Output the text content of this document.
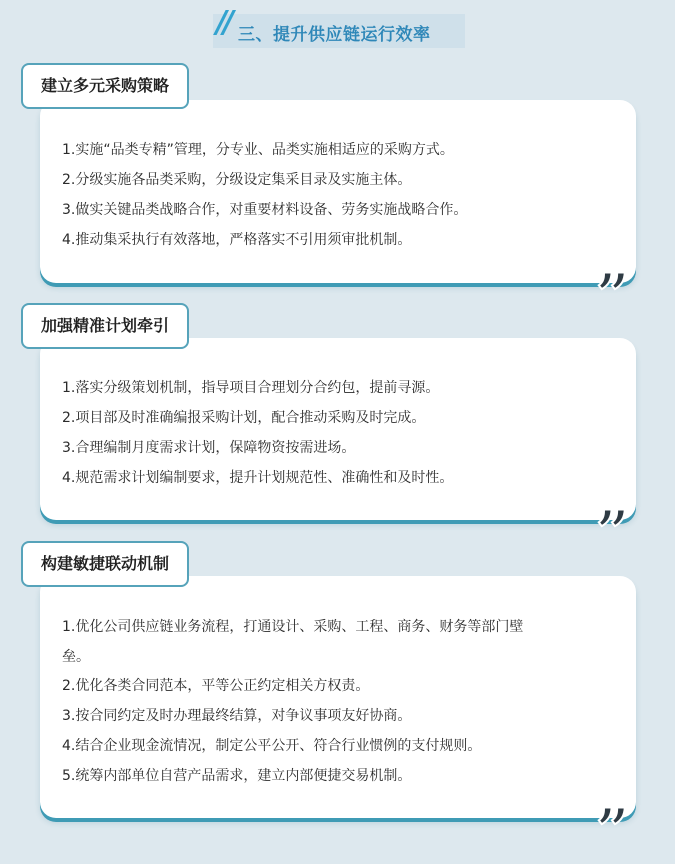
// 三、提升供应链运行效率
1.实施“品类专精”管理，分专业、品类实施相适应的采购方式。
2.分级实施各品类采购，分级设定集采目录及实施主体。
3.做实关键品类战略合作，对重要材料设备、劳务实施战略合作。
4.推动集采执行有效落地，严格落实不引用须审批机制。
建立多元采购策略
”
1.落实分级策划机制，指导项目合理划分合约包，提前寻源。
2.项目部及时准确编报采购计划，配合推动采购及时完成。
3.合理编制月度需求计划，保障物资按需进场。
4.规范需求计划编制要求，提升计划规范性、准确性和及时性。
加强精准计划牵引
”
1.优化公司供应链业务流程，打通设计、采购、工程、商务、财务等部门壁
垒。
2.优化各类合同范本，平等公正约定相关方权责。
3.按合同约定及时办理最终结算，对争议事项友好协商。
4.结合企业现金流情况，制定公平公开、符合行业惯例的支付规则。
5.统筹内部单位自营产品需求，建立内部便捷交易机制。
构建敏捷联动机制
”
